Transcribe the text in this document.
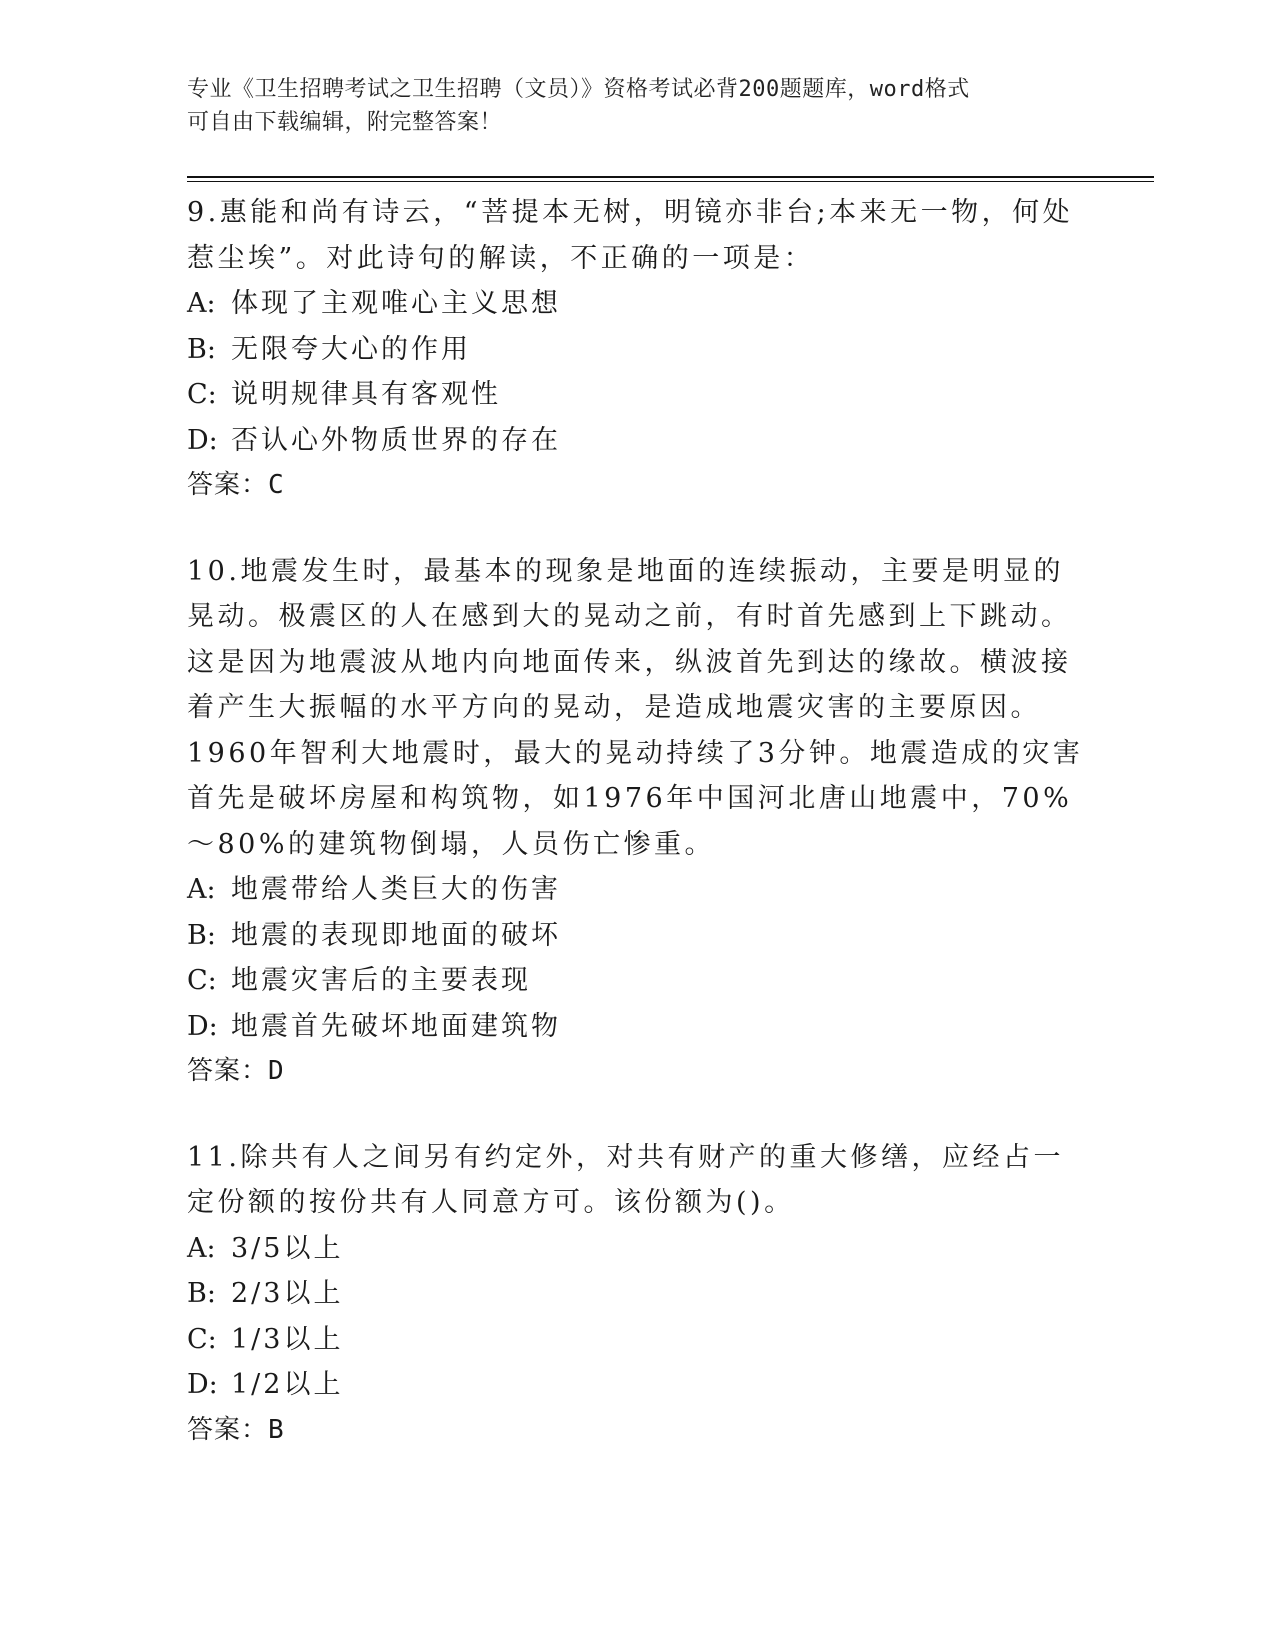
专业《卫生招聘考试之卫生招聘（文员）》资格考试必背200题题库，word格式
可自由下载编辑，附完整答案！

9.惠能和尚有诗云，“菩提本无树，明镜亦非台;本来无一物，何处惹尘埃”。对此诗句的解读，不正确的一项是：

A: 体现了主观唯心主义思想

B: 无限夸大心的作用

C: 说明规律具有客观性

D: 否认心外物质世界的存在

答案：C

10.地震发生时，最基本的现象是地面的连续振动，主要是明显的晃动。极震区的人在感到大的晃动之前，有时首先感到上下跳动。这是因为地震波从地内向地面传来，纵波首先到达的缘故。横波接着产生大振幅的水平方向的晃动，是造成地震灾害的主要原因。1960年智利大地震时，最大的晃动持续了3分钟。地震造成的灾害首先是破坏房屋和构筑物，如1976年中国河北唐山地震中，70%～80%的建筑物倒塌，人员伤亡惨重。

A: 地震带给人类巨大的伤害

B: 地震的表现即地面的破坏

C: 地震灾害后的主要表现

D: 地震首先破坏地面建筑物

答案：D

11.除共有人之间另有约定外，对共有财产的重大修缮，应经占一定份额的按份共有人同意方可。该份额为()。

A: 3/5以上

B: 2/3以上

C: 1/3以上

D: 1/2以上

答案：B
